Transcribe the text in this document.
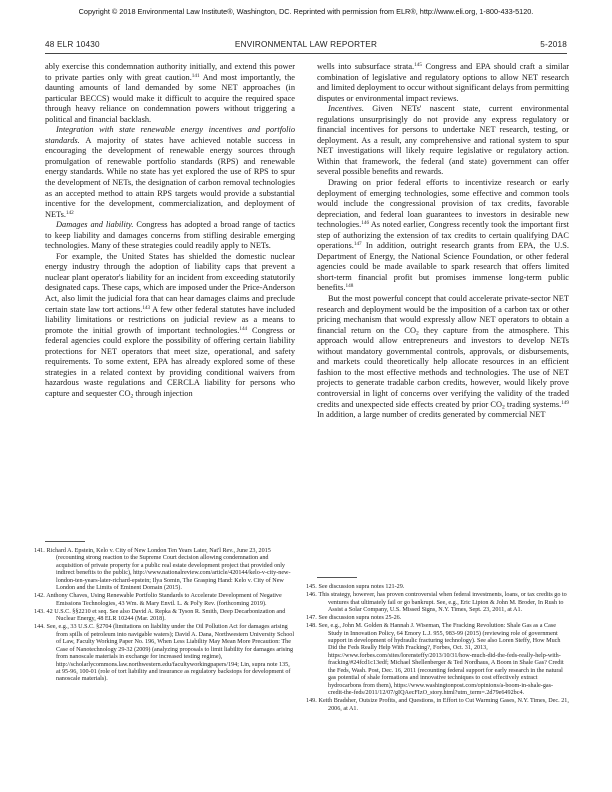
Copyright © 2018 Environmental Law Institute®, Washington, DC. Reprinted with permission from ELR®, http://www.eli.org, 1-800-433-5120.
48 ELR 10430	ENVIRONMENTAL LAW REPORTER	5-2018

ably exercise this condemnation authority initially, and extend this power to private parties only with great caution.$^{141}$ And most importantly, the daunting amounts of land demanded by some NET approaches (in particular BECCS) would make it difficult to acquire the required space through heavy reliance on condemnation powers without triggering a political and financial backlash.

Integration with state renewable energy incentives and portfolio standards. A majority of states have achieved notable success in encouraging the development of renewable energy sources through promulgation of renewable portfolio standards (RPS) and renewable energy standards. While no state has yet explored the use of RPS to spur the development of NETs, the designation of carbon removal technologies as an accepted method to attain RPS targets would provide a substantial incentive for the development, commercialization, and deployment of NETs.$^{142}$

Damages and liability. Congress has adopted a broad range of tactics to keep liability and damages concerns from stifling desirable emerging technologies. Many of these strategies could readily apply to NETs.

For example, the United States has shielded the domestic nuclear energy industry through the adoption of liability caps that prevent a nuclear plant operator's liability for an incident from exceeding statutorily designated caps. These caps, which are imposed under the Price-Anderson Act, also limit the judicial fora that can hear damages claims and preclude certain state law tort actions.$^{143}$ A few other federal statutes have included liability limitations or restrictions on judicial review as a means to promote the initial growth of important technologies.$^{144}$ Congress or federal agencies could explore the possibility of offering certain liability protections for NET operators that meet size, operational, and safety requirements. To some extent, EPA has already explored some of these strategies in a related context by providing conditional waivers from hazardous waste regulations and CERCLA liability for persons who capture and sequester $CO_2$ through injection

wells into subsurface strata.$^{145}$ Congress and EPA should craft a similar combination of legislative and regulatory options to allow NET research and limited deployment to occur without significant delays from permitting disputes or environmental impact reviews.

Incentives. Given NETs' nascent state, current environmental regulations unsurprisingly do not provide any express regulatory or financial incentives for persons to undertake NET research, testing, or deployment. As a result, any comprehensive and rational system to spur NET investigations will likely require legislative or regulatory action. Within that framework, the federal (and state) government can offer several possible benefits and rewards.

Drawing on prior federal efforts to incentivize research or early deployment of emerging technologies, some effective and common tools would include the congressional provision of tax credits, favorable depreciation, and federal loan guarantees to investors in desirable new technologies.$^{146}$ As noted earlier, Congress recently took the important first step of authorizing the extension of tax credits to certain qualifying DAC operations.$^{147}$ In addition, outright research grants from EPA, the U.S. Department of Energy, the National Science Foundation, or other federal agencies could be made available to spark research that offers limited short-term financial profit but promises immense long-term public benefits.$^{148}$

But the most powerful concept that could accelerate private-sector NET research and deployment would be the imposition of a carbon tax or other pricing mechanism that would expressly allow NET operators to obtain a financial return on the $CO_2$ they capture from the atmosphere. This approach would allow entrepreneurs and investors to develop NETs without mandatory governmental controls, approvals, or disbursements, and markets could theoretically help allocate resources in an efficient fashion to the most effective methods and technologies. The use of NET projects to generate tradable carbon credits, however, would likely prove controversial in light of concerns over verifying the validity of the traded credits and unexpected side effects created by prior $CO_2$ trading systems.$^{149}$ In addition, a large number of credits generated by commercial NET

141. Richard A. Epstein, Kelo v. City of New London Ten Years Later, Nat'l Rev., June 23, 2015 (recounting strong reaction to the Supreme Court decision allowing condemnation and acquisition of private property for a public real estate development project that provided only indirect benefits to the public), http://www.nationalreview.com/article/420144/kelo-v-city-new-london-ten-years-later-richard-epstein; Ilya Somin, The Grasping Hand: Kelo v. City of New London and the Limits of Eminent Domain (2015).

142. Anthony Chaves, Using Renewable Portfolio Standards to Accelerate Development of Negative Emissions Technologies, 43 Wm. & Mary Envtl. L. & Pol'y Rev. (forthcoming 2019).

143. 42 U.S.C. §§2210 et seq. See also David A. Repka & Tyson R. Smith, Deep Decarbonization and Nuclear Energy, 48 ELR 10244 (Mar. 2018).

144. See, e.g., 33 U.S.C. §2704 (limitations on liability under the Oil Pollution Act for damages arising from spills of petroleum into navigable waters); David A. Dana, Northwestern University School of Law, Faculty Working Paper No. 196, When Less Liability May Mean More Precaution: The Case of Nanotechnology 29-32 (2009) (analyzing proposals to limit liability for damages arising from nanoscale materials in exchange for increased testing regime), http://scholarlycommons.law.northwestern.edu/facultyworkingpapers/194; Lin, supra note 135, at 95-96, 100-01 (role of tort liability and insurance as regulatory backstops for development of nanoscale materials).

145. See discussion supra notes 121-29.

146. This strategy, however, has proven controversial when federal investments, loans, or tax credits go to ventures that ultimately fail or go bankrupt. See, e.g., Eric Lipton & John M. Broder, In Rush to Assist a Solar Company, U.S. Missed Signs, N.Y. Times, Sept. 23, 2011, at A1.

147. See discussion supra notes 25-26.

148. See, e.g., John M. Golden & Hannah J. Wiseman, The Fracking Revolution: Shale Gas as a Case Study in Innovation Policy, 64 Emory L.J. 955, 983-99 (2015) (reviewing role of government support in development of hydraulic fracturing technology). See also Loren Steffy, How Much Did the Feds Really Help With Fracking?, Forbes, Oct. 31, 2013, https://www.forbes.com/sites/lorensteffy/2013/10/31/how-much-did-the-feds-really-help-with-fracking/#24fcd1c13edf; Michael Shellenberger & Ted Nordhaus, A Boom in Shale Gas? Credit the Feds, Wash. Post, Dec. 16, 2011 (recounting federal support for early research in the natural gas potential of shale formations and innovative techniques to cost effectively extract hydrocarbons from them), https://www.washingtonpost.com/opinions/a-boom-in-shale-gas-credit-the-feds/2011/12/07/gIQAecFIzO_story.html?utm_term=.2d79e6492bc4.

149. Keith Bradsher, Outsize Profits, and Questions, in Effort to Cut Warming Gases, N.Y. Times, Dec. 21, 2006, at A1.
